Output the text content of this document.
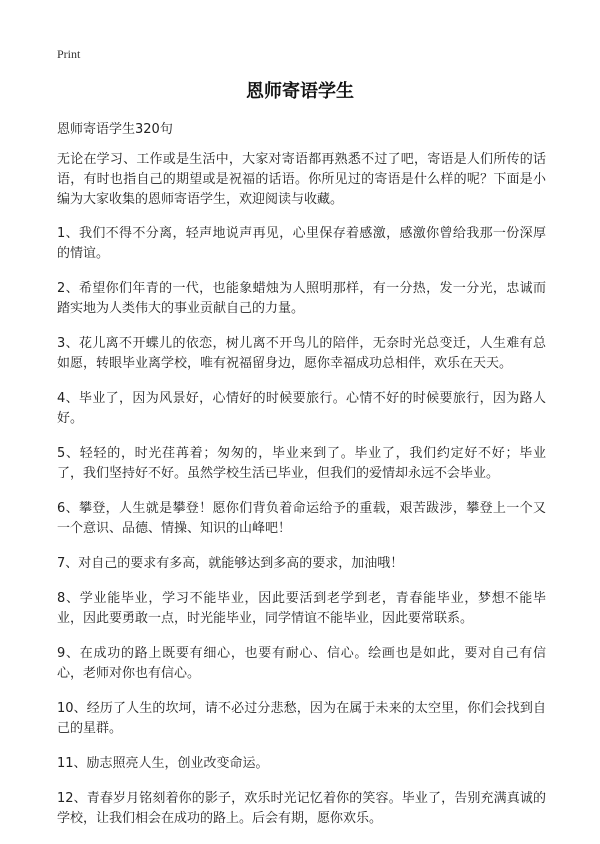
Print
恩师寄语学生
恩师寄语学生320句

无论在学习、工作或是生活中，大家对寄语都再熟悉不过了吧，寄语是人们所传的话语，有时也指自己的期望或是祝福的话语。你所见过的寄语是什么样的呢？下面是小编为大家收集的恩师寄语学生，欢迎阅读与收藏。

1、我们不得不分离，轻声地说声再见，心里保存着感激，感激你曾给我那一份深厚的情谊。

2、希望你们年青的一代，也能象蜡烛为人照明那样，有一分热，发一分光，忠诚而踏实地为人类伟大的事业贡献自己的力量。

3、花儿离不开蝶儿的依恋，树儿离不开鸟儿的陪伴，无奈时光总变迁，人生难有总如愿，转眼毕业离学校，唯有祝福留身边，愿你幸福成功总相伴，欢乐在天天。

4、毕业了，因为风景好，心情好的时候要旅行。心情不好的时候要旅行，因为路人好。

5、轻轻的，时光荏苒着；匆匆的，毕业来到了。毕业了，我们约定好不好；毕业了，我们坚持好不好。虽然学校生活已毕业，但我们的爱情却永远不会毕业。

6、攀登，人生就是攀登！愿你们背负着命运给予的重载，艰苦跋涉，攀登上一个又一个意识、品德、情操、知识的山峰吧！

7、对自己的要求有多高，就能够达到多高的要求，加油哦！

8、学业能毕业，学习不能毕业，因此要活到老学到老，青春能毕业，梦想不能毕业，因此要勇敢一点，时光能毕业，同学情谊不能毕业，因此要常联系。

9、在成功的路上既要有细心，也要有耐心、信心。绘画也是如此，要对自己有信心，老师对你也有信心。

10、经历了人生的坎坷，请不必过分悲愁，因为在属于未来的太空里，你们会找到自己的星群。

11、励志照亮人生，创业改变命运。

12、青春岁月铭刻着你的影子，欢乐时光记忆着你的笑容。毕业了，告别充满真诚的学校，让我们相会在成功的路上。后会有期，愿你欢乐。
